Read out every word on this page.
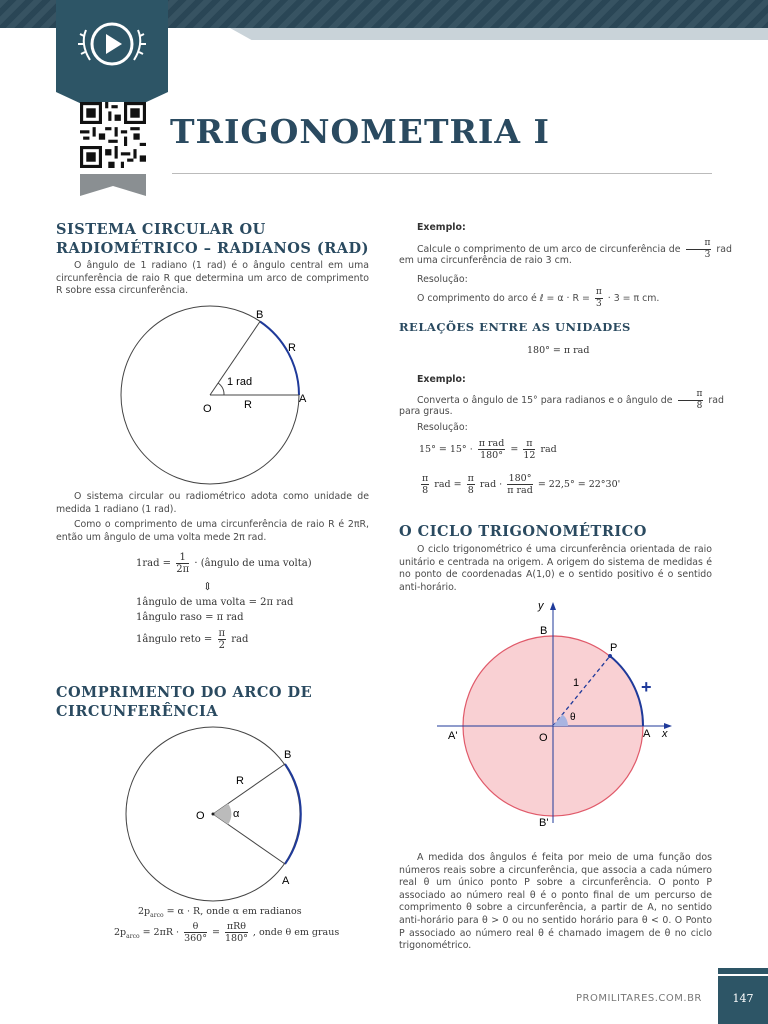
TRIGONOMETRIA I
SISTEMA CIRCULAR OU
RADIOMÉTRICO – RADIANOS (RAD)
O ângulo de 1 radiano (1 rad) é o ângulo central em uma circunferência de raio R que determina um arco de comprimento R sobre essa circunferência.
B
R
1 rad
O	R	A
O sistema circular ou radiométrico adota como unidade de medida 1 radiano (1 rad).
Como o comprimento de uma circunferência de raio R é 2πR, então um ângulo de uma volta mede 2π rad.
$1rad = \frac{1}{2\pi}$ · (ângulo de uma volta)
⇕
1ângulo de uma volta = 2π rad
1ângulo raso = π rad
1ângulo reto = $\frac{\pi}{2}$ rad
COMPRIMENTO DO ARCO DE
CIRCUNFERÊNCIA
B
R
O	α
A
$2p_{arco} = \alpha \cdot R$, onde α em radianos
$2p_{arco} = 2\pi R \cdot \frac{\theta}{360^\circ} = \frac{\text{πRθ}}{180^\circ}$ , onde θ em graus
Exemplo:
Calcule o comprimento de um arco de circunferência de $\frac{\pi}{3}$ rad
em uma circunferência de raio 3 cm.
Resolução:
O comprimento do arco é ℓ = $\alpha \cdot R = \frac{\pi}{3} \cdot 3 = \pi$ cm.
RELAÇÕES ENTRE AS UNIDADES
180° = π rad
Exemplo:
Converta o ângulo de 15° para radianos e o ângulo de $\frac{\pi}{8}$ rad
para graus.
Resolução:
$15^\circ = 15^\circ \cdot \frac{\text{π rad}}{180^\circ} = \frac{\pi}{12}$ rad
$\frac{\pi}{8}$ rad = $\frac{\pi}{8}$ rad · $\frac{180^\circ}{\text{π rad}} = 22,5^\circ = 22^\circ 30'$
O CICLO TRIGONOMÉTRICO
O ciclo trigonométrico é uma circunferência orientada de raio unitário e centrada na origem. A origem do sistema de medidas é no ponto de coordenadas A(1,0) e o sentido positivo é o sentido anti-horário.
y
B
P
1	+
θ
A'	O	A x
B'
A medida dos ângulos é feita por meio de uma função dos números reais sobre a circunferência, que associa a cada número real θ um único ponto P sobre a circunferência. O ponto P associado ao número real θ é o ponto final de um percurso de comprimento θ sobre a circunferência, a partir de A, no sentido anti-horário para θ > 0 ou no sentido horário para θ < 0. O Ponto P associado ao número real θ é chamado imagem de θ no ciclo trigonométrico.
PROMILITARES.COM.BR	147
